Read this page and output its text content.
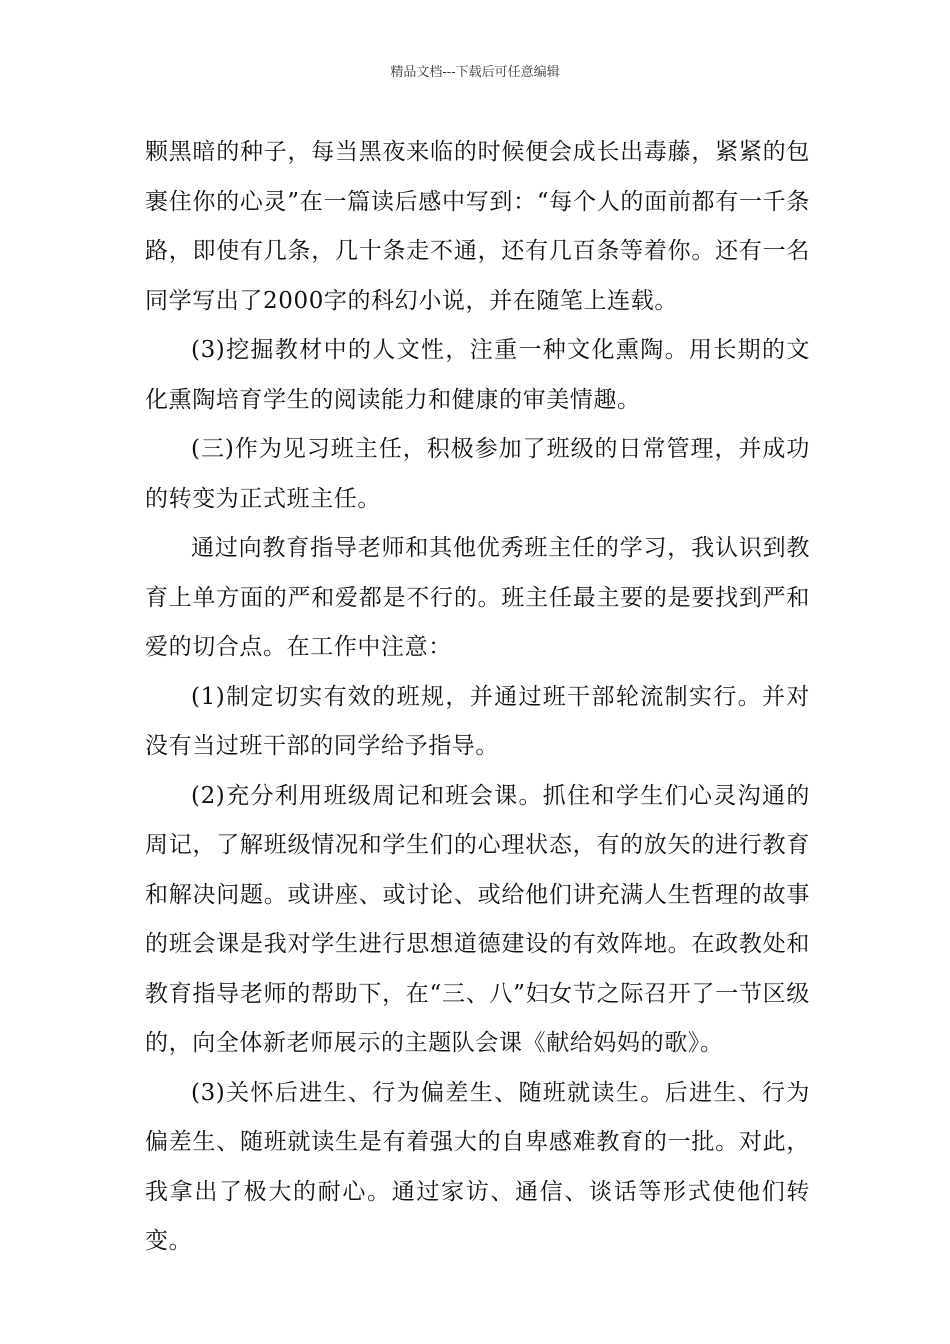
精品文档---下载后可任意编辑

颗黑暗的种子，每当黑夜来临的时候便会成长出毒藤，紧紧的包裹住你的心灵”在一篇读后感中写到：“每个人的面前都有一千条路，即使有几条，几十条走不通，还有几百条等着你。还有一名同学写出了2000字的科幻小说，并在随笔上连载。

(3)挖掘教材中的人文性，注重一种文化熏陶。用长期的文化熏陶培育学生的阅读能力和健康的审美情趣。

(三)作为见习班主任，积极参加了班级的日常管理，并成功的转变为正式班主任。

通过向教育指导老师和其他优秀班主任的学习，我认识到教育上单方面的严和爱都是不行的。班主任最主要的是要找到严和爱的切合点。在工作中注意：

(1)制定切实有效的班规，并通过班干部轮流制实行。并对没有当过班干部的同学给予指导。

(2)充分利用班级周记和班会课。抓住和学生们心灵沟通的周记，了解班级情况和学生们的心理状态，有的放矢的进行教育和解决问题。或讲座、或讨论、或给他们讲充满人生哲理的故事的班会课是我对学生进行思想道德建设的有效阵地。在政教处和教育指导老师的帮助下，在“三、八”妇女节之际召开了一节区级的，向全体新老师展示的主题队会课《献给妈妈的歌》。

(3)关怀后进生、行为偏差生、随班就读生。后进生、行为偏差生、随班就读生是有着强大的自卑感难教育的一批。对此，我拿出了极大的耐心。通过家访、通信、谈话等形式使他们转变。
